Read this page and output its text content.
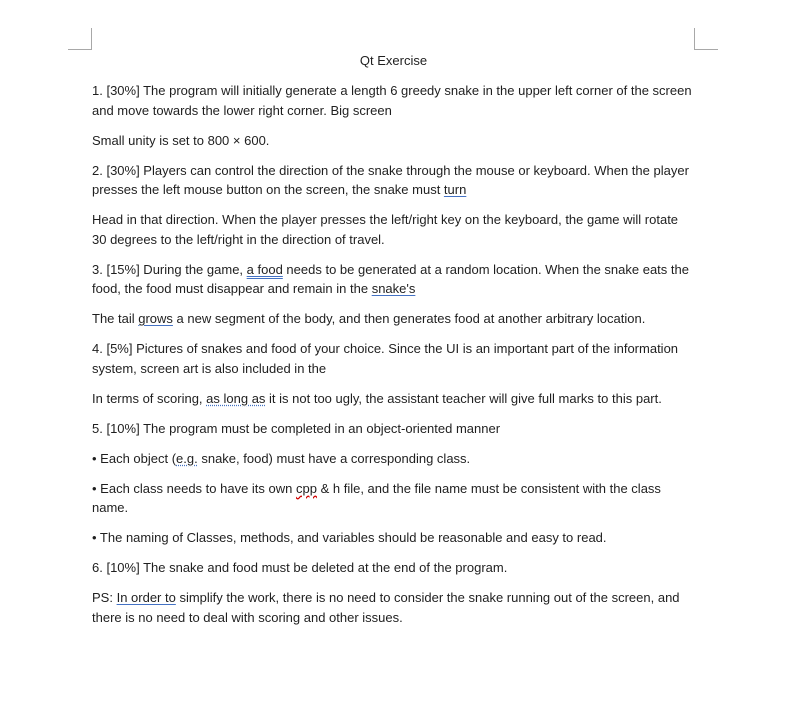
Qt Exercise

1. [30%] The program will initially generate a length 6 greedy snake in the upper left corner of the screen and move towards the lower right corner. Big screen

Small unity is set to 800 × 600.

2. [30%] Players can control the direction of the snake through the mouse or keyboard. When the player presses the left mouse button on the screen, the snake must turn

Head in that direction. When the player presses the left/right key on the keyboard, the game will rotate 30 degrees to the left/right in the direction of travel.

3. [15%] During the game, a food needs to be generated at a random location. When the snake eats the food, the food must disappear and remain in the snake's

The tail grows a new segment of the body, and then generates food at another arbitrary location.

4. [5%] Pictures of snakes and food of your choice. Since the UI is an important part of the information system, screen art is also included in the

In terms of scoring, as long as it is not too ugly, the assistant teacher will give full marks to this part.

5. [10%] The program must be completed in an object-oriented manner

• Each object (e.g. snake, food) must have a corresponding class.

• Each class needs to have its own cpp & h file, and the file name must be consistent with the class name.

• The naming of Classes, methods, and variables should be reasonable and easy to read.

6. [10%] The snake and food must be deleted at the end of the program.

PS: In order to simplify the work, there is no need to consider the snake running out of the screen, and there is no need to deal with scoring and other issues.
